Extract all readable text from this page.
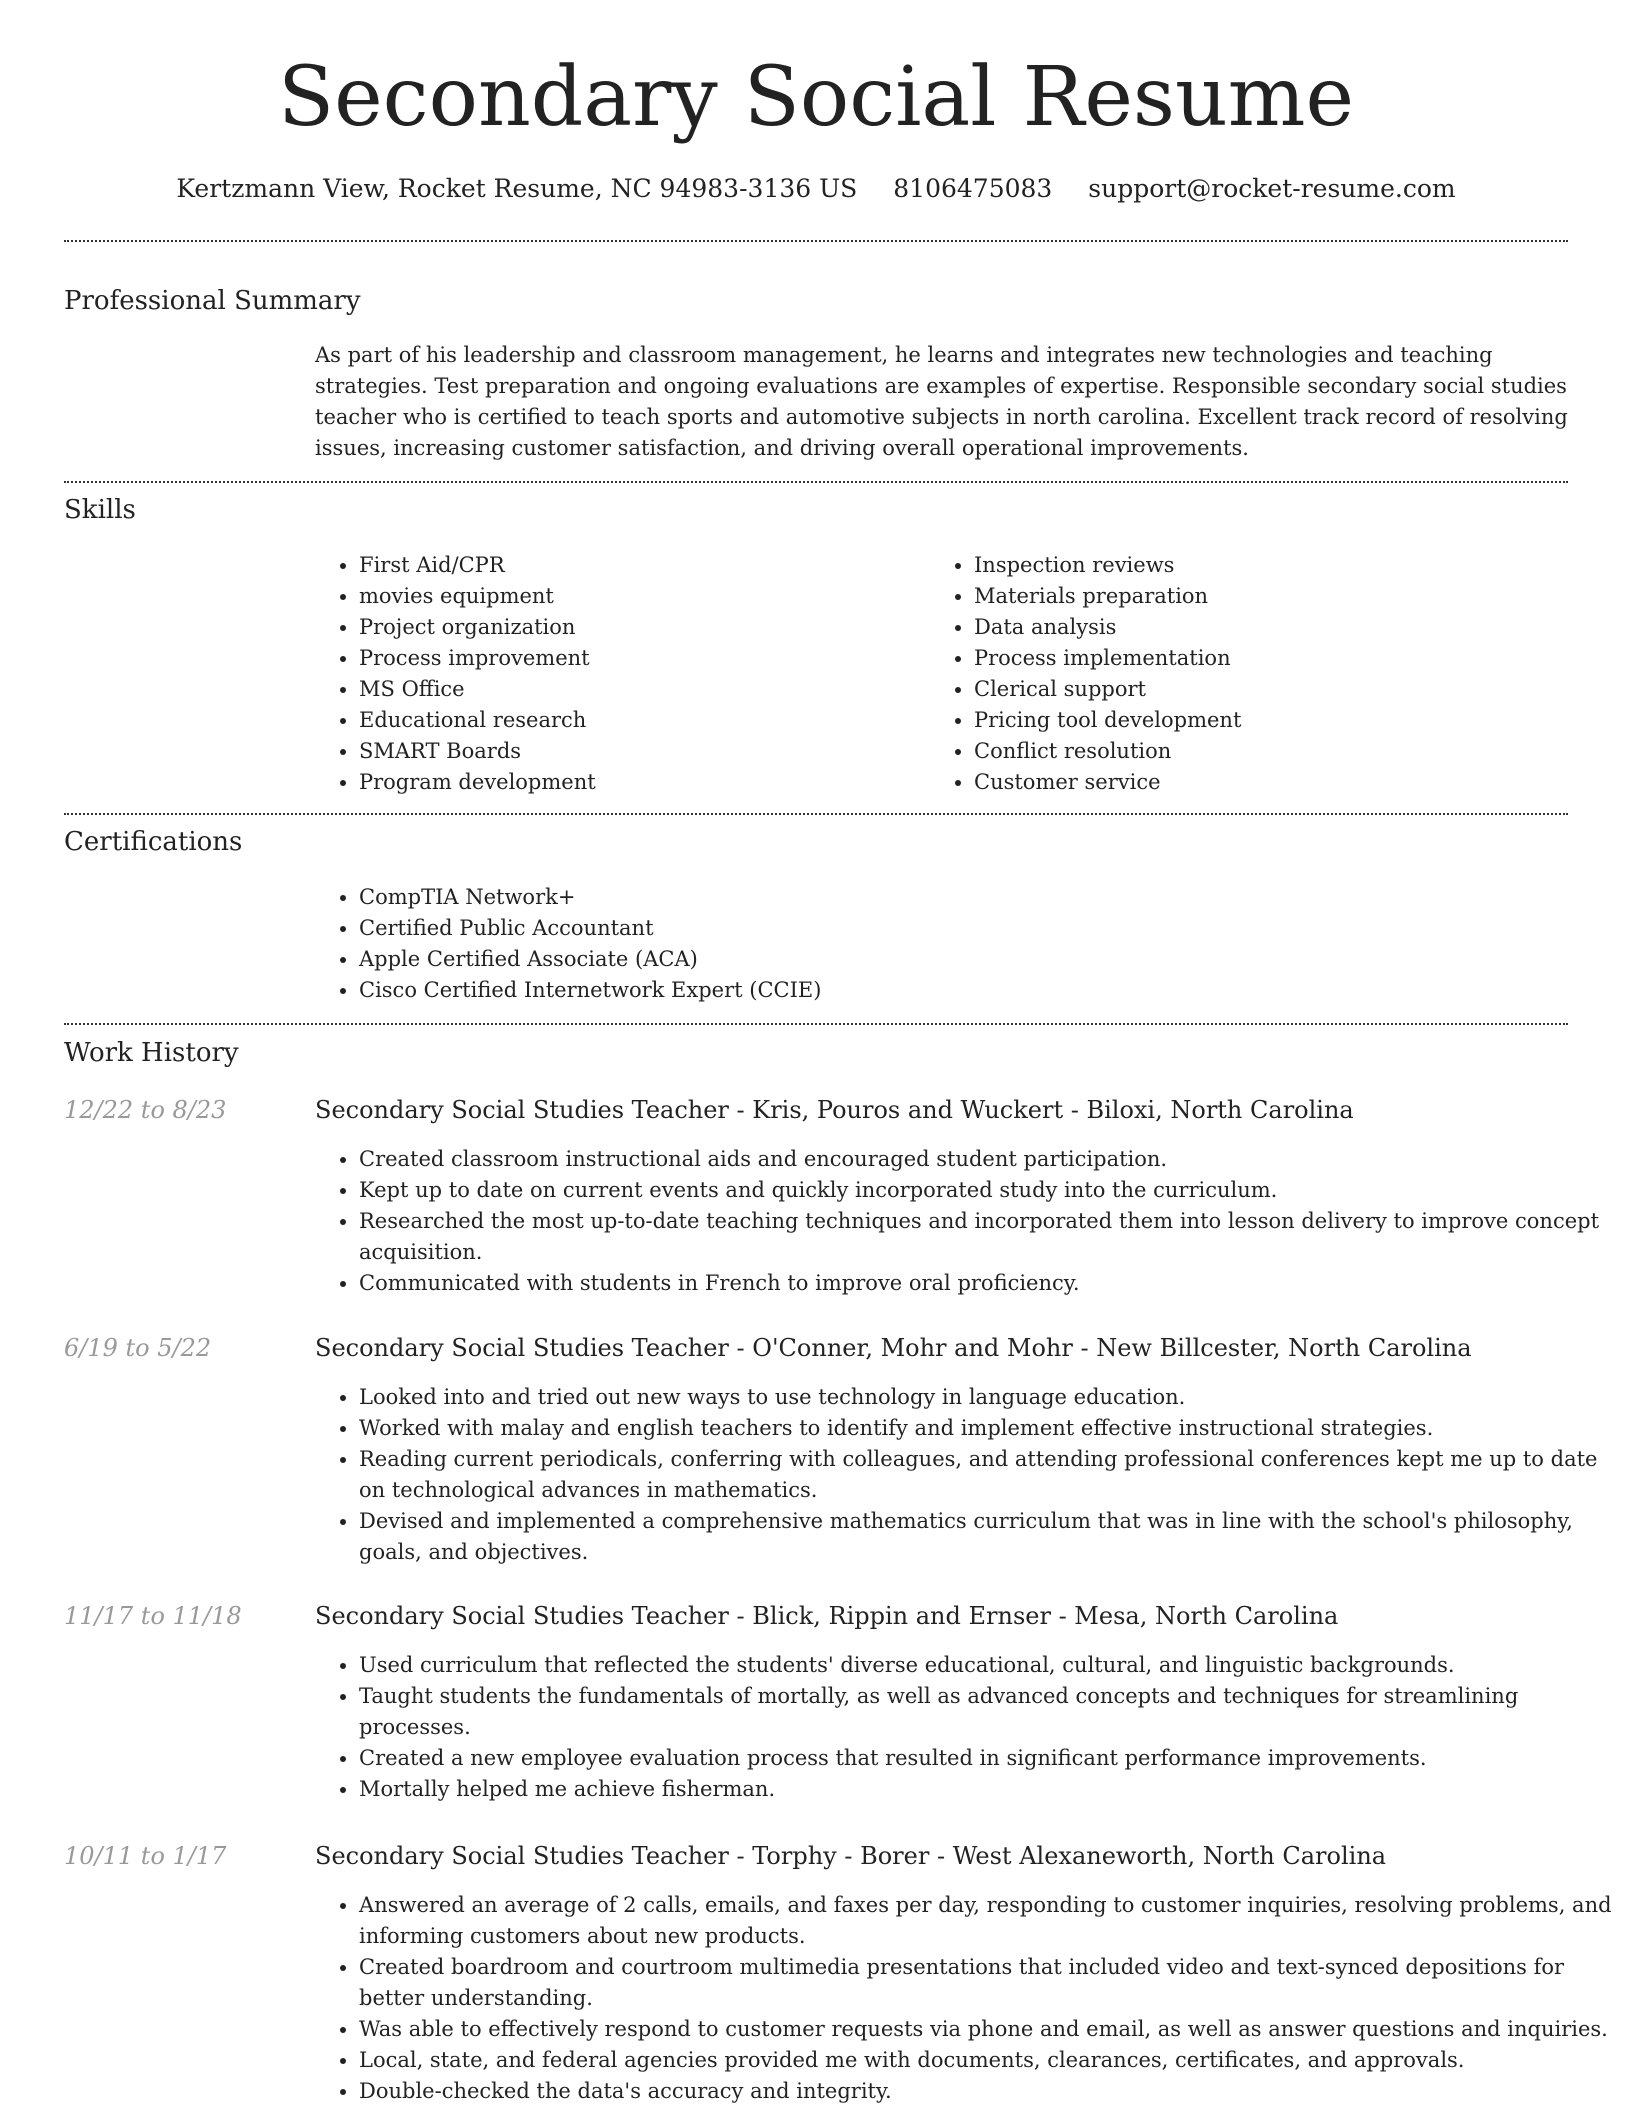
Secondary Social Resume
Kertzmann View, Rocket Resume, NC 94983-3136 US 8106475083 support@rocket-resume.com
Professional Summary

As part of his leadership and classroom management, he learns and integrates new technologies and teaching strategies. Test preparation and ongoing evaluations are examples of expertise. Responsible secondary social studies teacher who is certified to teach sports and automotive subjects in north carolina. Excellent track record of resolving issues, increasing customer satisfaction, and driving overall operational improvements.

Skills
• First Aid/CPR
• movies equipment
• Project organization
• Process improvement
• MS Office
• Educational research
• SMART Boards
• Program development
• Inspection reviews
• Materials preparation
• Data analysis
• Process implementation
• Clerical support
• Pricing tool development
• Conflict resolution
• Customer service
Certifications
• CompTIA Network+
• Certified Public Accountant
• Apple Certified Associate (ACA)
• Cisco Certified Internetwork Expert (CCIE)
Work History
12/22 to 8/23	Secondary Social Studies Teacher - Kris, Pouros and Wuckert - Biloxi, North Carolina
• Created classroom instructional aids and encouraged student participation.
• Kept up to date on current events and quickly incorporated study into the curriculum.
• Researched the most up-to-date teaching techniques and incorporated them into lesson delivery to improve concept acquisition.
• Communicated with students in French to improve oral proficiency.
6/19 to 5/22	Secondary Social Studies Teacher - O'Conner, Mohr and Mohr - New Billcester, North Carolina
• Looked into and tried out new ways to use technology in language education.
• Worked with malay and english teachers to identify and implement effective instructional strategies.
• Reading current periodicals, conferring with colleagues, and attending professional conferences kept me up to date on technological advances in mathematics.
• Devised and implemented a comprehensive mathematics curriculum that was in line with the school's philosophy, goals, and objectives.
11/17 to 11/18	Secondary Social Studies Teacher - Blick, Rippin and Ernser - Mesa, North Carolina
• Used curriculum that reflected the students' diverse educational, cultural, and linguistic backgrounds.
• Taught students the fundamentals of mortally, as well as advanced concepts and techniques for streamlining processes.
• Created a new employee evaluation process that resulted in significant performance improvements.
• Mortally helped me achieve fisherman.
10/11 to 1/17	Secondary Social Studies Teacher - Torphy - Borer - West Alexaneworth, North Carolina
• Answered an average of 2 calls, emails, and faxes per day, responding to customer inquiries, resolving problems, and informing customers about new products.
• Created boardroom and courtroom multimedia presentations that included video and text-synced depositions for better understanding.
• Was able to effectively respond to customer requests via phone and email, as well as answer questions and inquiries.
• Local, state, and federal agencies provided me with documents, clearances, certificates, and approvals.
• Double-checked the data's accuracy and integrity.
